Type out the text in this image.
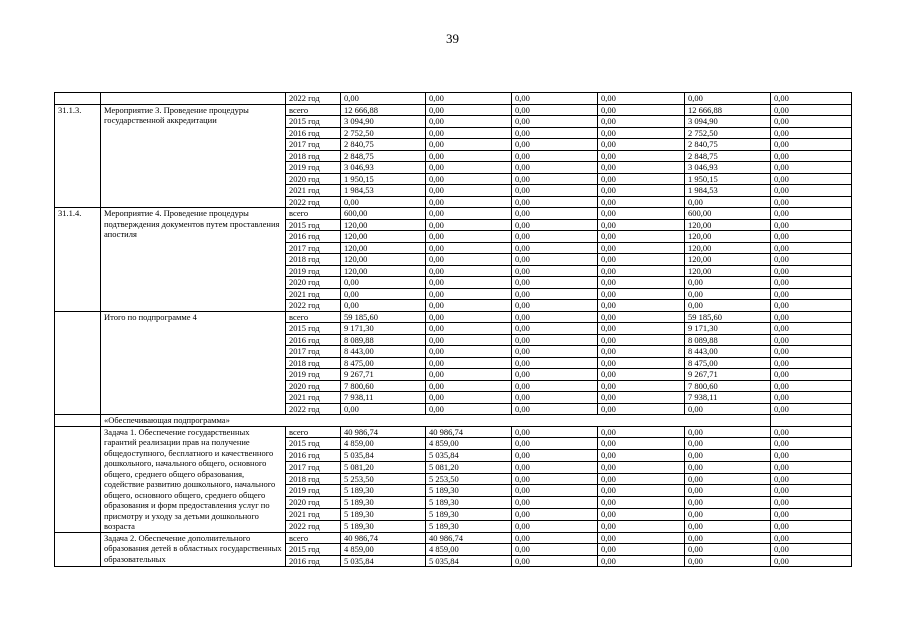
39
		2022 год	0,00	0,00	0,00	0,00	0,00	0,00
31.1.3.	Мероприятие 3. Проведение процедуры государственной аккредитации	всего	12 666,88	0,00	0,00	0,00	12 666,88	0,00
		2015 год	3 094,90	0,00	0,00	0,00	3 094,90	0,00
		2016 год	2 752,50	0,00	0,00	0,00	2 752,50	0,00
		2017 год	2 840,75	0,00	0,00	0,00	2 840,75	0,00
		2018 год	2 848,75	0,00	0,00	0,00	2 848,75	0,00
		2019 год	3 046,93	0,00	0,00	0,00	3 046,93	0,00
		2020 год	1 950,15	0,00	0,00	0,00	1 950,15	0,00
		2021 год	1 984,53	0,00	0,00	0,00	1 984,53	0,00
		2022 год	0,00	0,00	0,00	0,00	0,00	0,00
31.1.4.	Мероприятие 4. Проведение процедуры подтверждения документов путем проставления апостиля	всего	600,00	0,00	0,00	0,00	600,00	0,00
		2015 год	120,00	0,00	0,00	0,00	120,00	0,00
		2016 год	120,00	0,00	0,00	0,00	120,00	0,00
		2017 год	120,00	0,00	0,00	0,00	120,00	0,00
		2018 год	120,00	0,00	0,00	0,00	120,00	0,00
		2019 год	120,00	0,00	0,00	0,00	120,00	0,00
		2020 год	0,00	0,00	0,00	0,00	0,00	0,00
		2021 год	0,00	0,00	0,00	0,00	0,00	0,00
		2022 год	0,00	0,00	0,00	0,00	0,00	0,00
	Итого по подпрограмме 4	всего	59 185,60	0,00	0,00	0,00	59 185,60	0,00
		2015 год	9 171,30	0,00	0,00	0,00	9 171,30	0,00
		2016 год	8 089,88	0,00	0,00	0,00	8 089,88	0,00
		2017 год	8 443,00	0,00	0,00	0,00	8 443,00	0,00
		2018 год	8 475,00	0,00	0,00	0,00	8 475,00	0,00
		2019 год	9 267,71	0,00	0,00	0,00	9 267,71	0,00
		2020 год	7 800,60	0,00	0,00	0,00	7 800,60	0,00
		2021 год	7 938,11	0,00	0,00	0,00	7 938,11	0,00
		2022 год	0,00	0,00	0,00	0,00	0,00	0,00
	«Обеспечивающая подпрограмма»							
	Задача 1. Обеспечение государственных гарантий реализации прав на получение общедоступного, бесплатного и качественного дошкольного, начального общего, основного общего, среднего общего образования, содействие развитию дошкольного, начального общего, основного общего, среднего общего образования и форм предоставления услуг по присмотру и уходу за детьми дошкольного возраста	всего	40 986,74	40 986,74	0,00	0,00	0,00	0,00
		2015 год	4 859,00	4 859,00	0,00	0,00	0,00	0,00
		2016 год	5 035,84	5 035,84	0,00	0,00	0,00	0,00
		2017 год	5 081,20	5 081,20	0,00	0,00	0,00	0,00
		2018 год	5 253,50	5 253,50	0,00	0,00	0,00	0,00
		2019 год	5 189,30	5 189,30	0,00	0,00	0,00	0,00
		2020 год	5 189,30	5 189,30	0,00	0,00	0,00	0,00
		2021 год	5 189,30	5 189,30	0,00	0,00	0,00	0,00
		2022 год	5 189,30	5 189,30	0,00	0,00	0,00	0,00
	Задача 2. Обеспечение дополнительного образования детей в областных государственных образовательных	всего	40 986,74	40 986,74	0,00	0,00	0,00	0,00
		2015 год	4 859,00	4 859,00	0,00	0,00	0,00	0,00
		2016 год	5 035,84	5 035,84	0,00	0,00	0,00	0,00
